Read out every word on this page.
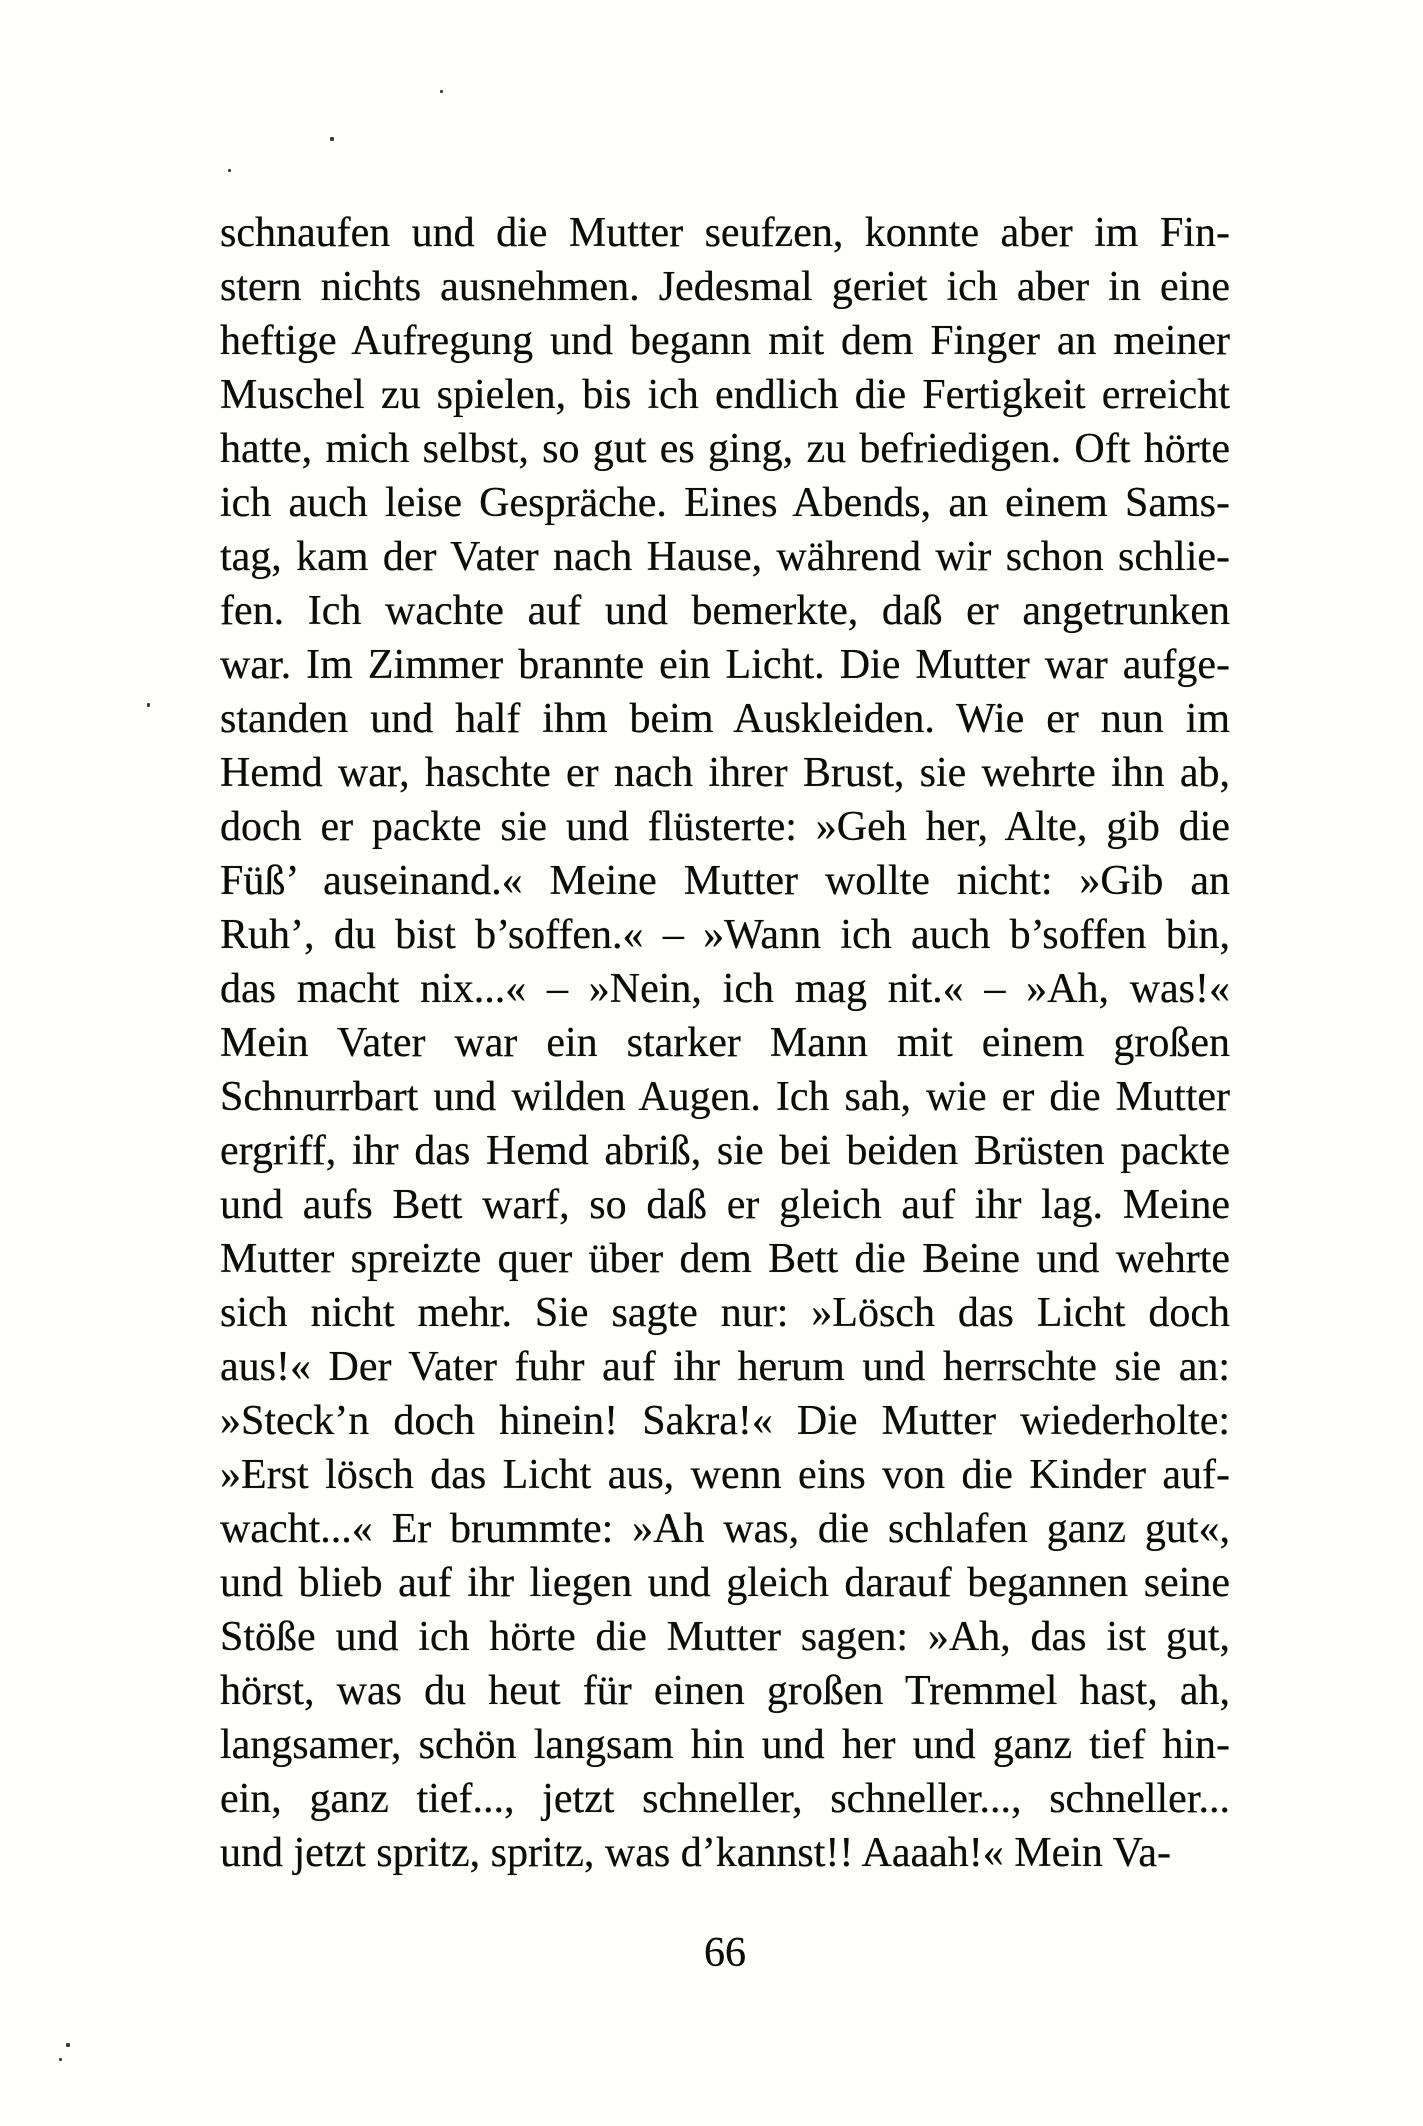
schnaufen und die Mutter seufzen, konnte aber im Fin-
stern nichts ausnehmen. Jedesmal geriet ich aber in eine
heftige Aufregung und begann mit dem Finger an meiner
Muschel zu spielen, bis ich endlich die Fertigkeit erreicht
hatte, mich selbst, so gut es ging, zu befriedigen. Oft hörte
ich auch leise Gespräche. Eines Abends, an einem Sams-
tag, kam der Vater nach Hause, während wir schon schlie-
fen. Ich wachte auf und bemerkte, daß er angetrunken
war. Im Zimmer brannte ein Licht. Die Mutter war aufge-
standen und half ihm beim Auskleiden. Wie er nun im
Hemd war, haschte er nach ihrer Brust, sie wehrte ihn ab,
doch er packte sie und flüsterte: »Geh her, Alte, gib die
Füß’ auseinand.« Meine Mutter wollte nicht: »Gib an
Ruh’, du bist b’soffen.« – »Wann ich auch b’soffen bin,
das macht nix...« – »Nein, ich mag nit.« – »Ah, was!«
Mein Vater war ein starker Mann mit einem großen
Schnurrbart und wilden Augen. Ich sah, wie er die Mutter
ergriff, ihr das Hemd abriß, sie bei beiden Brüsten packte
und aufs Bett warf, so daß er gleich auf ihr lag. Meine
Mutter spreizte quer über dem Bett die Beine und wehrte
sich nicht mehr. Sie sagte nur: »Lösch das Licht doch
aus!« Der Vater fuhr auf ihr herum und herrschte sie an:
»Steck’n doch hinein! Sakra!« Die Mutter wiederholte:
»Erst lösch das Licht aus, wenn eins von die Kinder auf-
wacht...« Er brummte: »Ah was, die schlafen ganz gut«,
und blieb auf ihr liegen und gleich darauf begannen seine
Stöße und ich hörte die Mutter sagen: »Ah, das ist gut,
hörst, was du heut für einen großen Tremmel hast, ah,
langsamer, schön langsam hin und her und ganz tief hin-
ein, ganz tief..., jetzt schneller, schneller..., schneller...
und jetzt spritz, spritz, was d’kannst!! Aaaah!« Mein Va-
66
